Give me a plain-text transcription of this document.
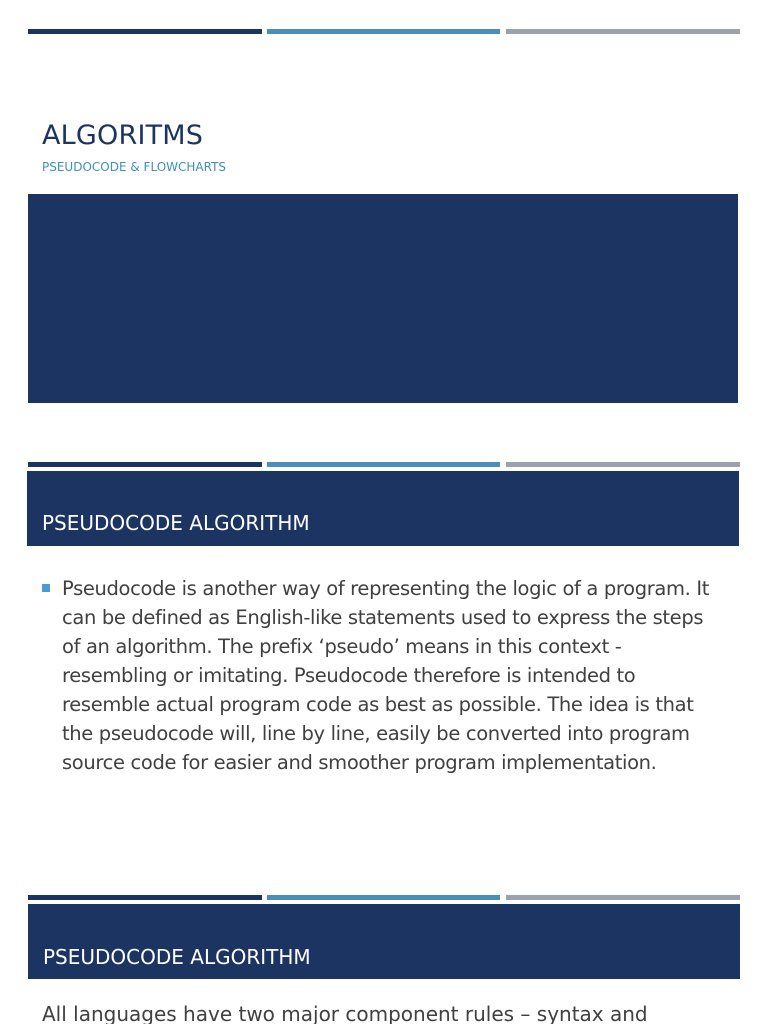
ALGORITMS

PSEUDOCODE & FLOWCHARTS

PSEUDOCODE ALGORITHM

Pseudocode is another way of representing the logic of a program. It can be defined as English-like statements used to express the steps of an algorithm. The prefix ‘pseudo’ means in this context - resembling or imitating. Pseudocode therefore is intended to resemble actual program code as best as possible. The idea is that the pseudocode will, line by line, easily be converted into program source code for easier and smoother program implementation.

PSEUDOCODE ALGORITHM

All languages have two major component rules – syntax and
